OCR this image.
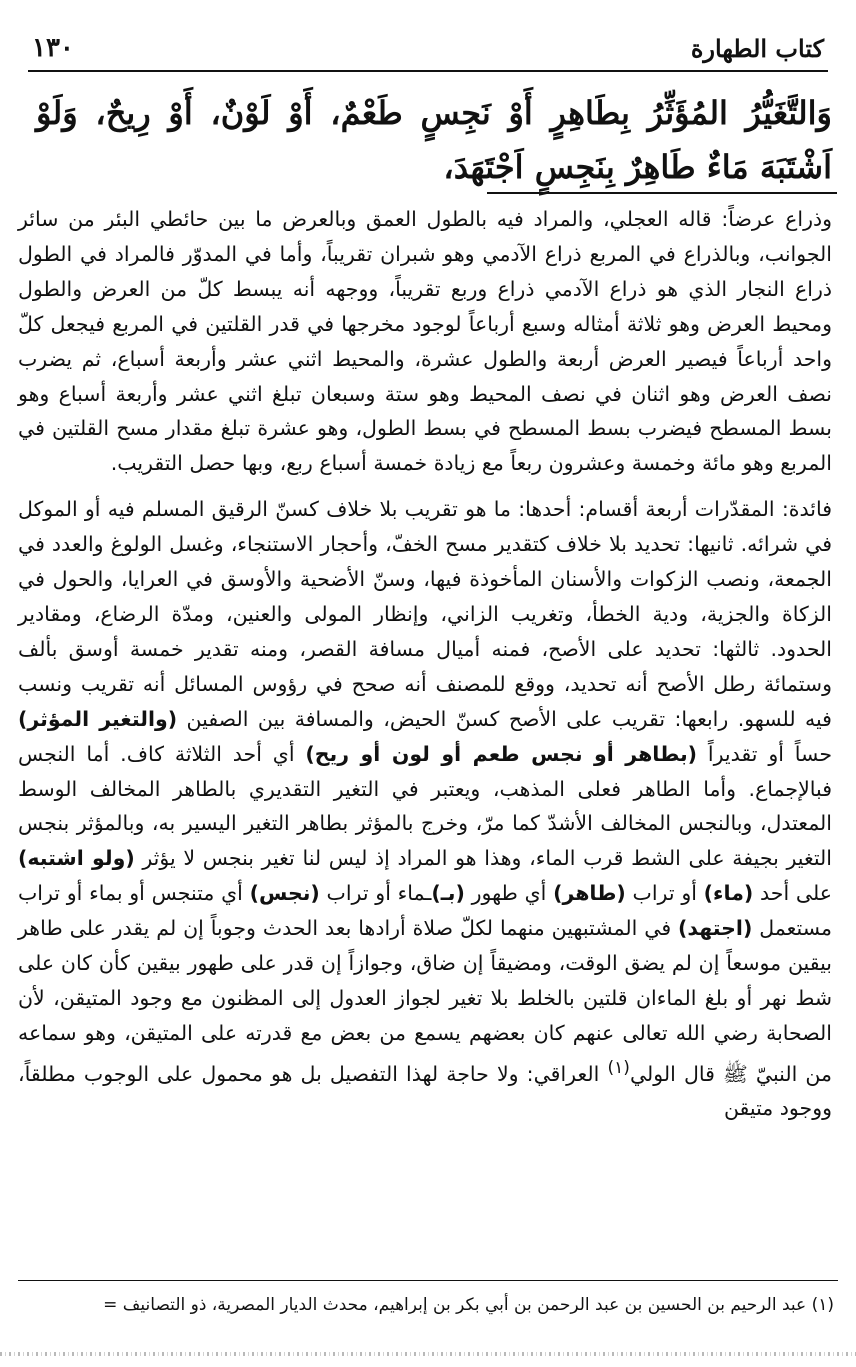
١٣٠	كتاب الطهارة
وَالتَّغَيُّرُ المُؤَثِّرُ بِطَاهِرٍ أَوْ نَجِسٍ طَعْمٌ، أَوْ لَوْنٌ، أَوْ رِيحٌ، وَلَوْ اَشْتَبَهَ مَاءٌ طَاهِرٌ بِنَجِسٍ اَجْتَهَدَ،

وذراع عرضاً: قاله العجلي، والمراد فيه بالطول العمق وبالعرض ما بين حائطي البئر من سائر الجوانب، وبالذراع في المربع ذراع الآدمي وهو شبران تقريباً، وأما في المدوّر فالمراد في الطول ذراع النجار الذي هو ذراع الآدمي ذراع وربع تقريباً، ووجهه أنه يبسط كلّ من العرض والطول ومحيط العرض وهو ثلاثة أمثاله وسبع أرباعاً لوجود مخرجها في قدر القلتين في المربع فيجعل كلّ واحد أرباعاً فيصير العرض أربعة والطول عشرة، والمحيط اثني عشر وأربعة أسباع، ثم يضرب نصف العرض وهو اثنان في نصف المحيط وهو ستة وسبعان تبلغ اثني عشر وأربعة أسباع وهو بسط المسطح فيضرب بسط المسطح في بسط الطول، وهو عشرة تبلغ مقدار مسح القلتين في المربع وهو مائة وخمسة وعشرون ربعاً مع زيادة خمسة أسباع ربع، وبها حصل التقريب.

فائدة: المقدّرات أربعة أقسام: أحدها: ما هو تقريب بلا خلاف كسنّ الرقيق المسلم فيه أو الموكل في شرائه. ثانيها: تحديد بلا خلاف كتقدير مسح الخفّ، وأحجار الاستنجاء، وغسل الولوغ والعدد في الجمعة، ونصب الزكوات والأسنان المأخوذة فيها، وسنّ الأضحية والأوسق في العرايا، والحول في الزكاة والجزية، ودية الخطأ، وتغريب الزاني، وإنظار المولى والعنين، ومدّة الرضاع، ومقادير الحدود. ثالثها: تحديد على الأصح، فمنه أميال مسافة القصر، ومنه تقدير خمسة أوسق بألف وستمائة رطل الأصح أنه تحديد، ووقع للمصنف أنه صحح في رؤوس المسائل أنه تقريب ونسب فيه للسهو. رابعها: تقريب على الأصح كسنّ الحيض، والمسافة بين الصفين (والتغير المؤثر) حساً أو تقديراً (بطاهر أو نجس طعم أو لون أو ريح) أي أحد الثلاثة كاف. أما النجس فبالإجماع. وأما الطاهر فعلى المذهب، ويعتبر في التغير التقديري بالطاهر المخالف الوسط المعتدل، وبالنجس المخالف الأشدّ كما مرّ، وخرج بالمؤثر بطاهر التغير اليسير به، وبالمؤثر بنجس التغير بجيفة على الشط قرب الماء، وهذا هو المراد إذ ليس لنا تغير بنجس لا يؤثر (ولو اشتبه) على أحد (ماء) أو تراب (طاهر) أي طهور (بـ)ـماء أو تراب (نجس) أي متنجس أو بماء أو تراب مستعمل (اجتهد) في المشتبهين منهما لكلّ صلاة أرادها بعد الحدث وجوباً إن لم يقدر على طاهر بيقين موسعاً إن لم يضق الوقت، ومضيقاً إن ضاق، وجوازاً إن قدر على طهور بيقين كأن كان على شط نهر أو بلغ الماءان قلتين بالخلط بلا تغير لجواز العدول إلى المظنون مع وجود المتيقن، لأن الصحابة رضي الله تعالى عنهم كان بعضهم يسمع من بعض مع قدرته على المتيقن، وهو سماعه من النبيّ ﷺ قال الولي$^{(١)}$ العراقي: ولا حاجة لهذا التفصيل بل هو محمول على الوجوب مطلقاً، ووجود متيقن

(١) عبد الرحيم بن الحسين بن عبد الرحمن بن أبي بكر بن إبراهيم، محدث الديار المصرية، ذو التصانيف =
